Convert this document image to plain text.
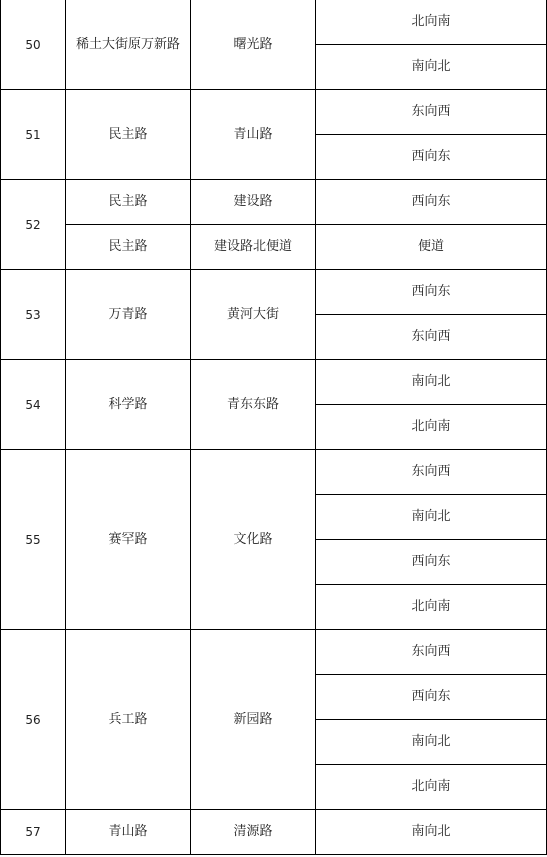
50	稀土大街原万新路	曙光路	北向南
			南向北
51	民主路	青山路	东向西
			西向东
52	民主路	建设路	西向东
	民主路	建设路北便道	便道
53	万青路	黄河大街	西向东
			东向西
54	科学路	青东东路	南向北
			北向南
55	赛罕路	文化路	东向西
			南向北
			西向东
			北向南
56	兵工路	新园路	东向西
			西向东
			南向北
			北向南
57	青山路	清源路	南向北
